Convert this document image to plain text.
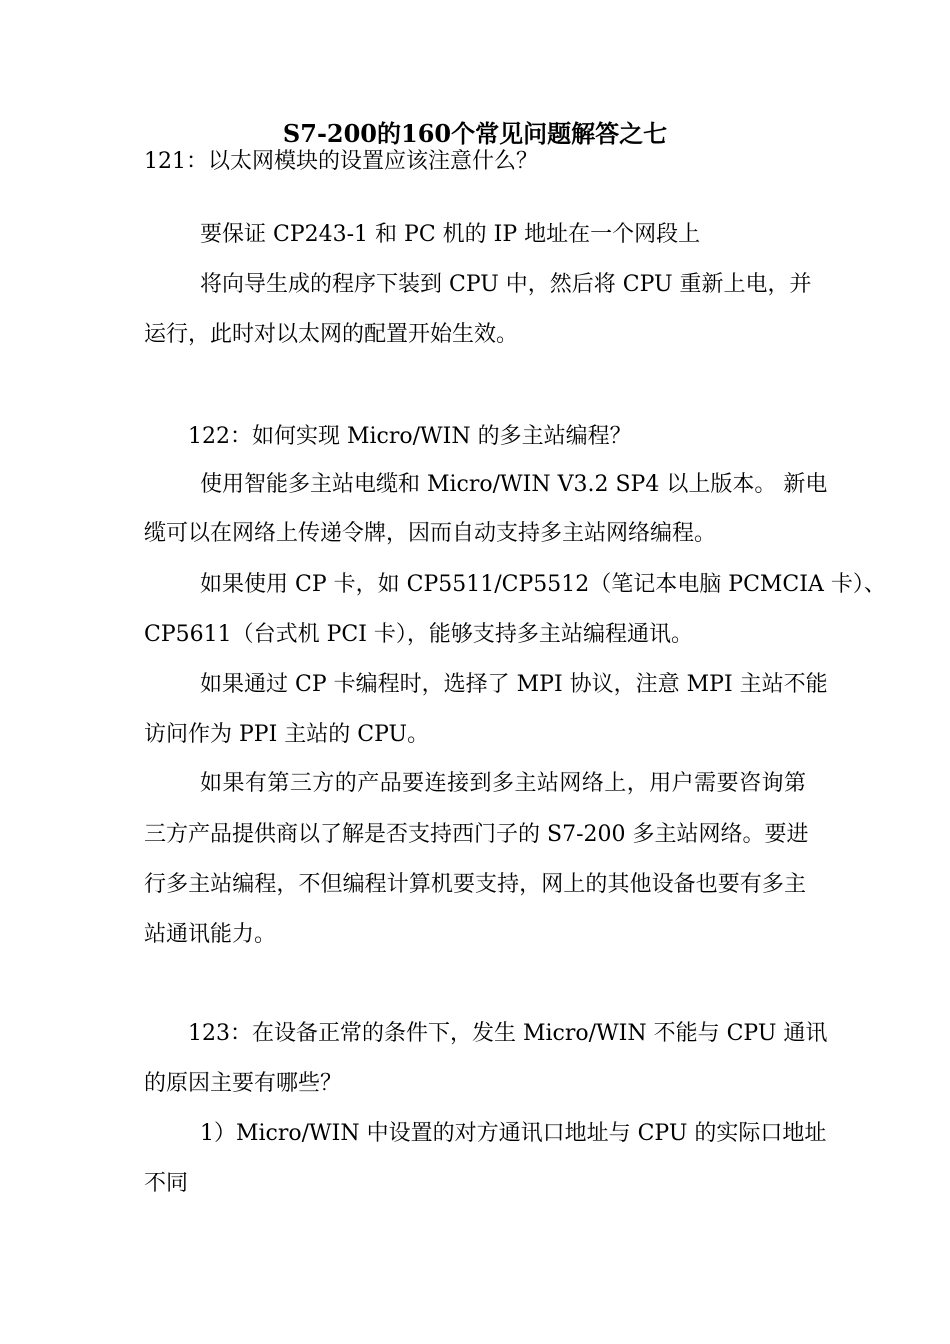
S7-200的160个常见问题解答之七
121：以太网模块的设置应该注意什么？
要保证 CP243-1 和 PC 机的 IP 地址在一个网段上
将向导生成的程序下装到 CPU 中，然后将 CPU 重新上电，并
运行，此时对以太网的配置开始生效。
122：如何实现 Micro/WIN 的多主站编程？
使用智能多主站电缆和 Micro/WIN V3.2 SP4 以上版本。 新电
缆可以在网络上传递令牌，因而自动支持多主站网络编程。
如果使用 CP 卡，如 CP5511/CP5512（笔记本电脑 PCMCIA 卡）、
CP5611（台式机 PCI 卡），能够支持多主站编程通讯。
如果通过 CP 卡编程时，选择了 MPI 协议，注意 MPI 主站不能
访问作为 PPI 主站的 CPU。
如果有第三方的产品要连接到多主站网络上，用户需要咨询第
三方产品提供商以了解是否支持西门子的 S7-200 多主站网络。要进
行多主站编程，不但编程计算机要支持，网上的其他设备也要有多主
站通讯能力。
123：在设备正常的条件下，发生 Micro/WIN 不能与 CPU 通讯
的原因主要有哪些？
1）Micro/WIN 中设置的对方通讯口地址与 CPU 的实际口地址
不同
